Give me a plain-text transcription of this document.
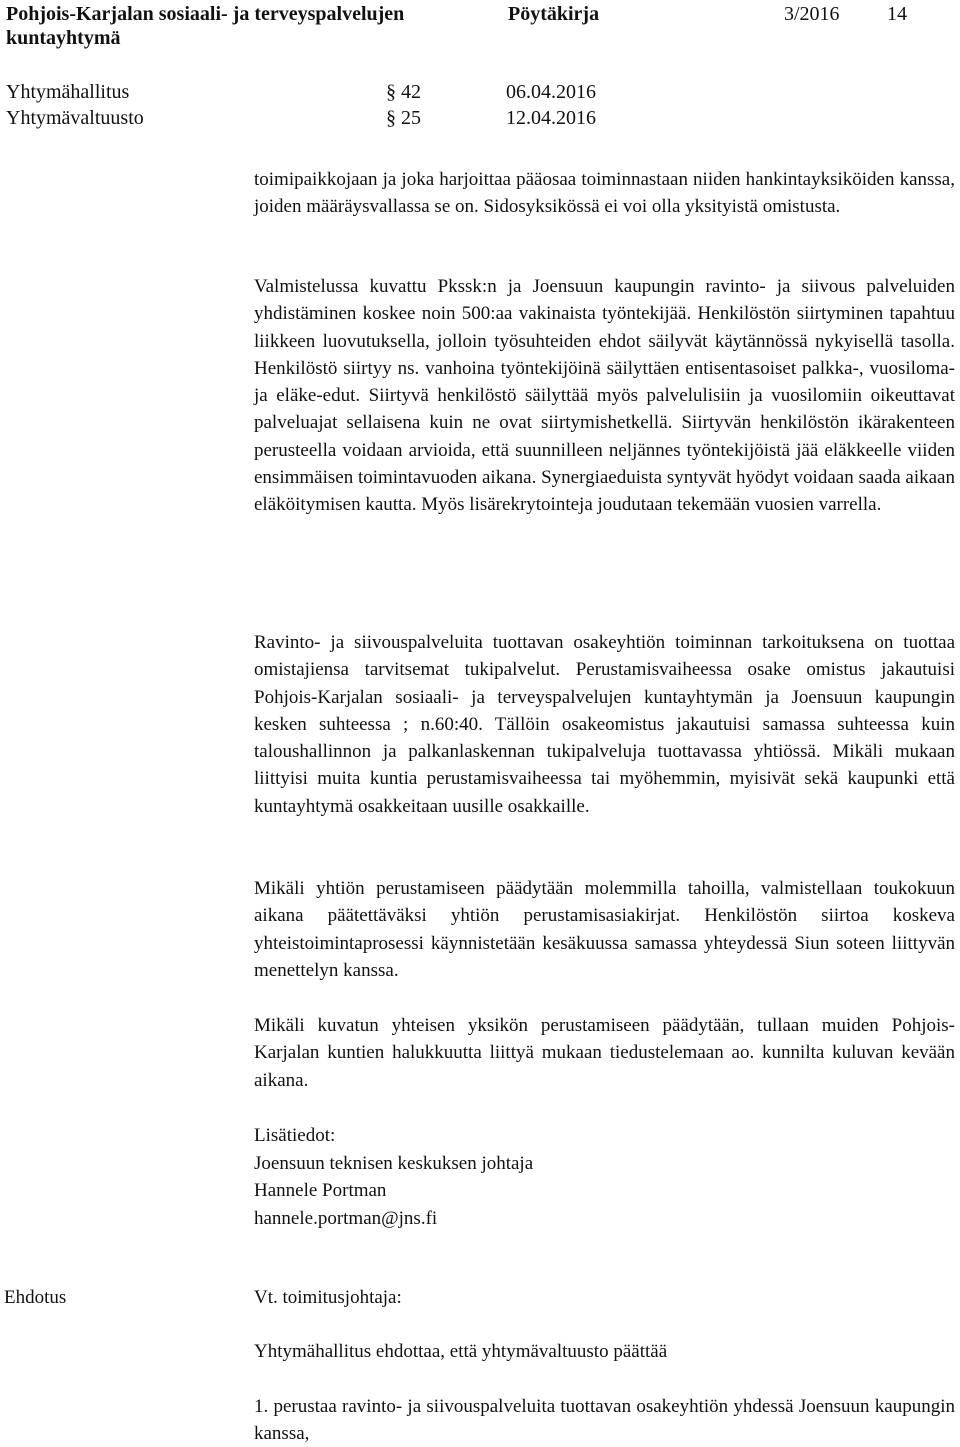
Pohjois-Karjalan sosiaali- ja terveyspalvelujen kuntayhtymä
Pöytäkirja	3/2016 14
Yhtymähallitus	§ 42	06.04.2016
Yhtymävaltuusto	§ 25	12.04.2016

toimipaikkojaan ja joka harjoittaa pääosaa toiminnastaan niiden hankintayksiköiden kanssa, joiden määräysvallassa se on. Sidosyksikössä ei voi olla yksityistä omistusta.

Valmistelussa kuvattu Pkssk:n ja Joensuun kaupungin ravinto- ja siivous palveluiden yhdistäminen koskee noin 500:aa vakinaista työntekijää. Henkilöstön siirtyminen tapahtuu liikkeen luovutuksella, jolloin työsuhteiden ehdot säilyvät käytännössä nykyisellä tasolla. Henkilöstö siirtyy ns. vanhoina työntekijöinä säilyttäen entisentasoiset palkka-, vuosiloma- ja eläke-edut. Siirtyvä henkilöstö säilyttää myös palvelulisiin ja vuosilomiin oikeuttavat palveluajat sellaisena kuin ne ovat siirtymishetkellä. Siirtyvän henkilöstön ikärakenteen perusteella voidaan arvioida, että suunnilleen neljännes työntekijöistä jää eläkkeelle viiden ensimmäisen toimintavuoden aikana. Synergiaeduista syntyvät hyödyt voidaan saada aikaan eläköitymisen kautta. Myös lisärekrytointeja joudutaan tekemään vuosien varrella.

Ravinto- ja siivouspalveluita tuottavan osakeyhtiön toiminnan tarkoituksena on tuottaa omistajiensa tarvitsemat tukipalvelut. Perustamisvaiheessa osake omistus jakautuisi Pohjois-Karjalan sosiaali- ja terveyspalvelujen kuntayhtymän ja Joensuun kaupungin kesken suhteessa ; n.60:40. Tällöin osakeomistus jakautuisi samassa suhteessa kuin taloushallinnon ja palkanlaskennan tukipalveluja tuottavassa yhtiössä. Mikäli mukaan liittyisi muita kuntia perustamisvaiheessa tai myöhemmin, myisivät sekä kaupunki että kuntayhtymä osakkeitaan uusille osakkaille.

Mikäli yhtiön perustamiseen päädytään molemmilla tahoilla, valmistellaan toukokuun aikana päätettäväksi yhtiön perustamisasiakirjat. Henkilöstön siirtoa koskeva yhteistoimintaprosessi käynnistetään kesäkuussa samassa yhteydessä Siun soteen liittyvän menettelyn kanssa.

Mikäli kuvatun yhteisen yksikön perustamiseen päädytään, tullaan muiden Pohjois-Karjalan kuntien halukkuutta liittyä mukaan tiedustelemaan ao. kunnilta kuluvan kevään aikana.

Lisätiedot:
Joensuun teknisen keskuksen johtaja
Hannele Portman
hannele.portman@jns.fi
Ehdotus	Vt. toimitusjohtaja:
Yhtymähallitus ehdottaa, että yhtymävaltuusto päättää

1. perustaa ravinto- ja siivouspalveluita tuottavan osakeyhtiön yhdessä Joensuun kaupungin kanssa,
